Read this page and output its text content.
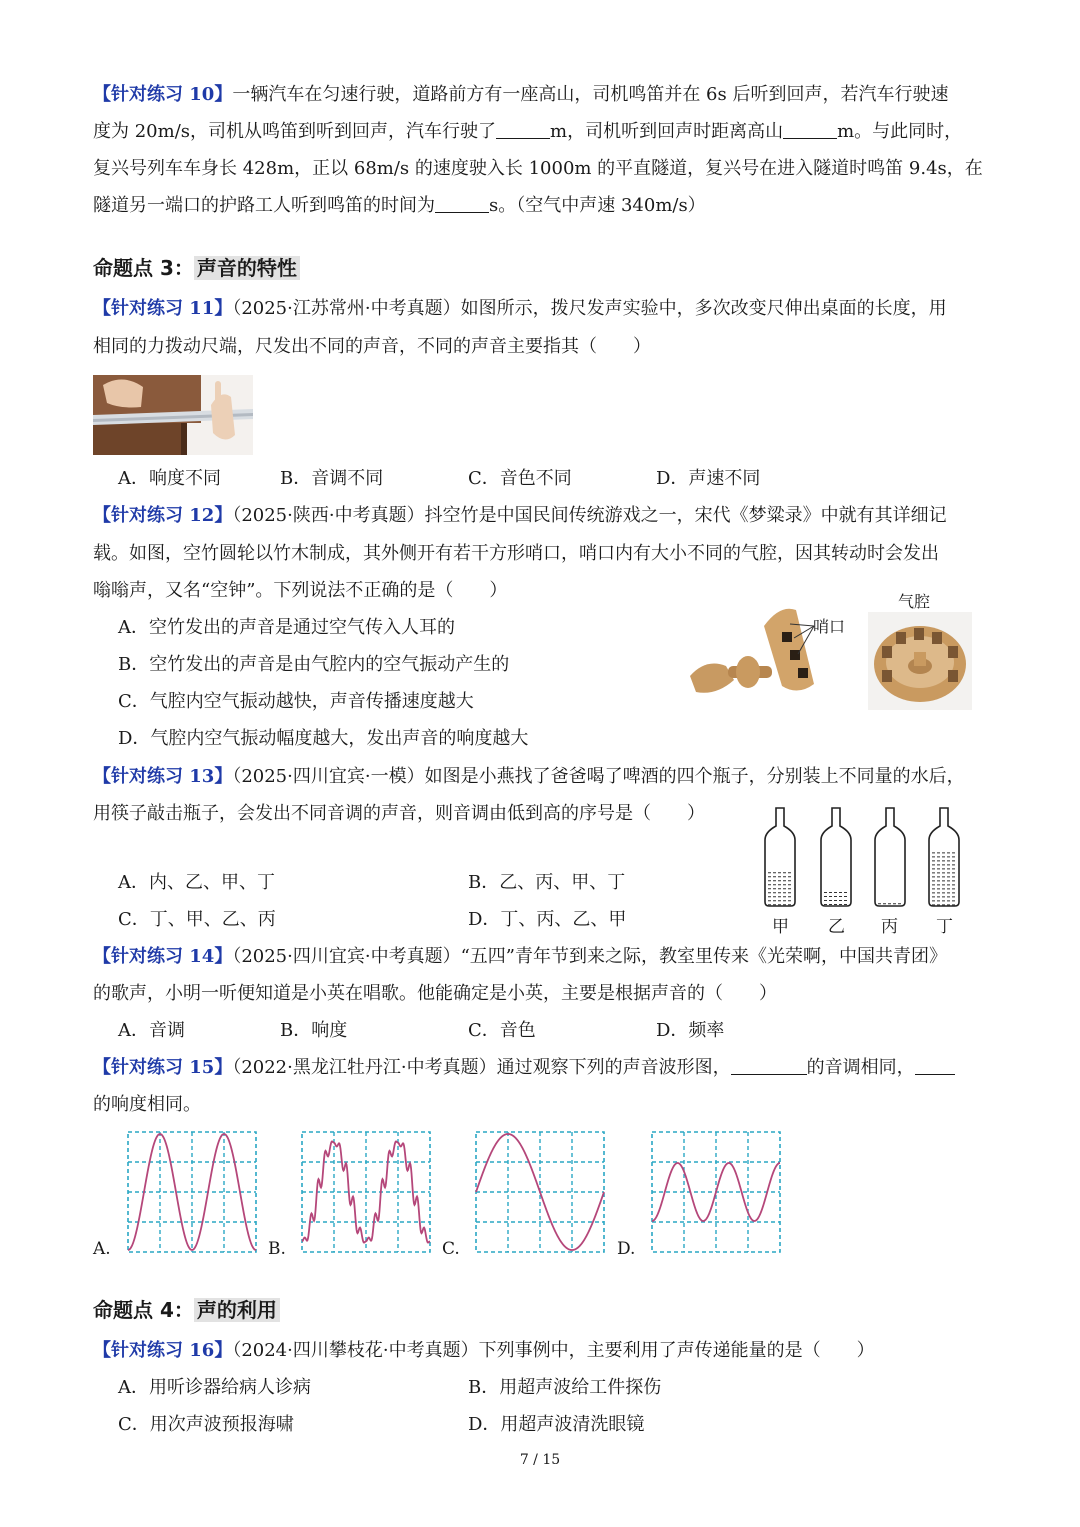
【针对练习 10】一辆汽车在匀速行驶，道路前方有一座高山，司机鸣笛并在 6s 后听到回声，若汽车行驶速
度为 20m/s，司机从鸣笛到听到回声，汽车行驶了	m，司机听到回声时距离高山	m。与此同时，
复兴号列车车身长 428m，正以 68m/s 的速度驶入长 1000m 的平直隧道，复兴号在进入隧道时鸣笛 9.4s，在
隧道另一端口的护路工人听到鸣笛的时间为	s。（空气中声速 340m/s）
命题点 3： 声音的特性
【针对练习 11】（2025·江苏常州·中考真题）如图所示，拨尺发声实验中，多次改变尺伸出桌面的长度，用
相同的力拨动尺端，尺发出不同的声音，不同的声音主要指其（　　）
A．响度不同	B．音调不同	C．音色不同	D．声速不同
【针对练习 12】（2025·陕西·中考真题）抖空竹是中国民间传统游戏之一，宋代《梦粱录》中就有其详细记
载。如图，空竹圆轮以竹木制成，其外侧开有若干方形哨口，哨口内有大小不同的气腔，因其转动时会发出
嗡嗡声，又名“空钟”。下列说法不正确的是（　　）
A．空竹发出的声音是通过空气传入人耳的
B．空竹发出的声音是由气腔内的空气振动产生的
C．气腔内空气振动越快，声音传播速度越大
D．气腔内空气振动幅度越大，发出声音的响度越大
哨口
气腔
【针对练习 13】（2025·四川宜宾·一模）如图是小燕找了爸爸喝了啤酒的四个瓶子，分别装上不同量的水后，
用筷子敲击瓶子，会发出不同音调的声音，则音调由低到高的序号是（　　）
A．内、乙、甲、丁	B．乙、丙、甲、丁
C．丁、甲、乙、丙	D．丁、丙、乙、甲	甲 乙 丙 丁
【针对练习 14】（2025·四川宜宾·中考真题）“五四”青年节到来之际，教室里传来《光荣啊，中国共青团》
的歌声，小明一听便知道是小英在唱歌。他能确定是小英，主要是根据声音的（　　）
A．音调	B．响度	C．音色	D．频率
【针对练习 15】（2022·黑龙江牡丹江·中考真题）通过观察下列的声音波形图，	的音调相同，
的响度相同。
A.	B.	C.	D.
命题点 4： 声的利用
【针对练习 16】（2024·四川攀枝花·中考真题）下列事例中，主要利用了声传递能量的是（　　）
A．用听诊器给病人诊病	B．用超声波给工件探伤
C．用次声波预报海啸	D．用超声波清洗眼镜
7 / 15
